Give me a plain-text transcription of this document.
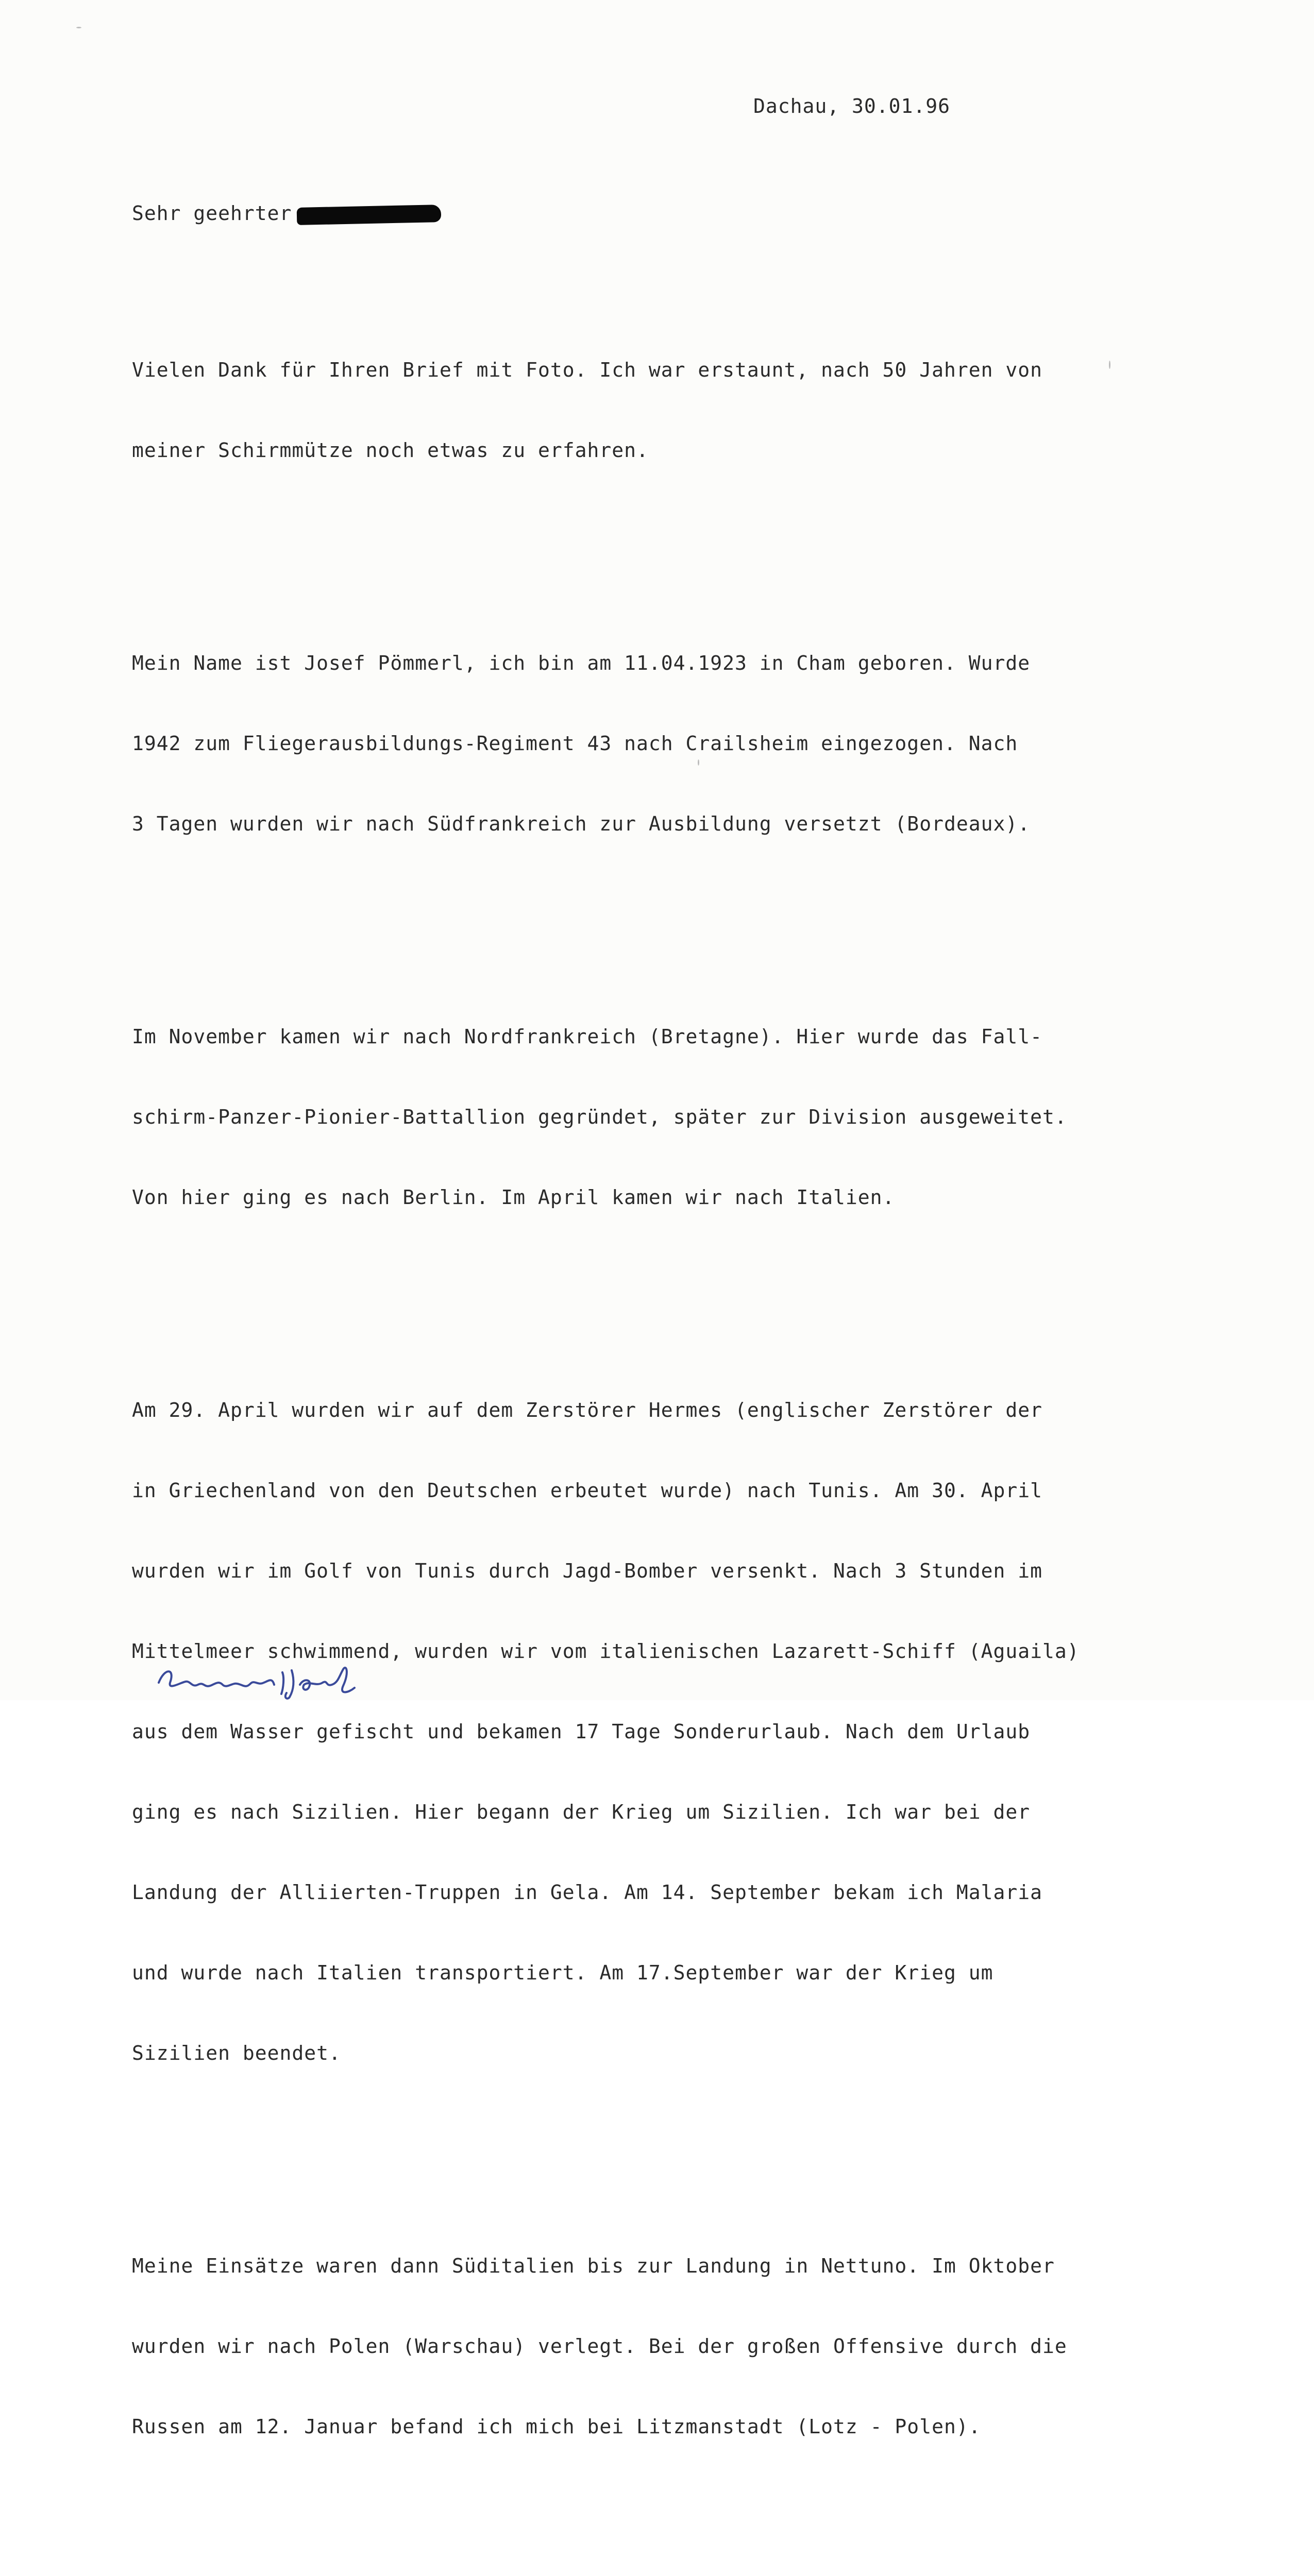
Dachau, 30.01.96
Sehr geehrter

Vielen Dank für Ihren Brief mit Foto. Ich war erstaunt, nach 50 Jahren von

meiner Schirmmütze noch etwas zu erfahren.

Mein Name ist Josef Pömmerl, ich bin am 11.04.1923 in Cham geboren. Wurde

1942 zum Fliegerausbildungs-Regiment 43 nach Crailsheim eingezogen. Nach

3 Tagen wurden wir nach Südfrankreich zur Ausbildung versetzt (Bordeaux).

Im November kamen wir nach Nordfrankreich (Bretagne). Hier wurde das Fall-

schirm-Panzer-Pionier-Battallion gegründet, später zur Division ausgeweitet.

Von hier ging es nach Berlin. Im April kamen wir nach Italien.

Am 29. April wurden wir auf dem Zerstörer Hermes (englischer Zerstörer der

in Griechenland von den Deutschen erbeutet wurde) nach Tunis. Am 30. April

wurden wir im Golf von Tunis durch Jagd-Bomber versenkt. Nach 3 Stunden im

Mittelmeer schwimmend, wurden wir vom italienischen Lazarett-Schiff (Aguaila)

aus dem Wasser gefischt und bekamen 17 Tage Sonderurlaub. Nach dem Urlaub

ging es nach Sizilien. Hier begann der Krieg um Sizilien. Ich war bei der

Landung der Alliierten-Truppen in Gela. Am 14. September bekam ich Malaria

und wurde nach Italien transportiert. Am 17.September war der Krieg um

Sizilien beendet.

Meine Einsätze waren dann Süditalien bis zur Landung in Nettuno. Im Oktober

wurden wir nach Polen (Warschau) verlegt. Bei der großen Offensive durch die

Russen am 12. Januar befand ich mich bei Litzmanstadt (Lotz - Polen).
